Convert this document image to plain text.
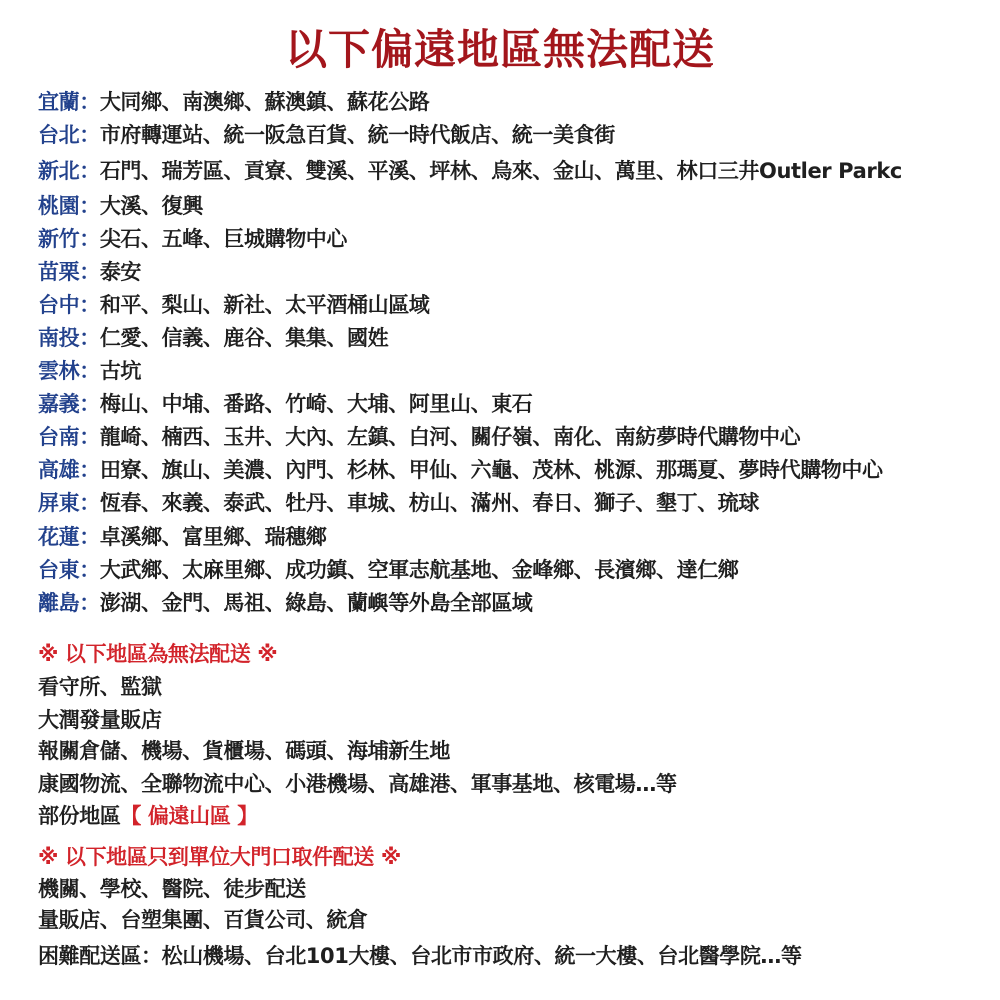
以下偏遠地區無法配送
宜蘭：大同鄉、南澳鄉、蘇澳鎮、蘇花公路
台北：市府轉運站、統一阪急百貨、統一時代飯店、統一美食街
新北：石門、瑞芳區、貢寮、雙溪、平溪、坪林、烏來、金山、萬里、林口三井Outler Parkc
桃園：大溪、復興
新竹：尖石、五峰、巨城購物中心
苗栗：泰安
台中：和平、梨山、新社、太平酒桶山區域
南投：仁愛、信義、鹿谷、集集、國姓
雲林：古坑
嘉義：梅山、中埔、番路、竹崎、大埔、阿里山、東石
台南：龍崎、楠西、玉井、大內、左鎮、白河、關仔嶺、南化、南紡夢時代購物中心
高雄：田寮、旗山、美濃、內門、杉林、甲仙、六龜、茂林、桃源、那瑪夏、夢時代購物中心
屏東：恆春、來義、泰武、牡丹、車城、枋山、滿州、春日、獅子、墾丁、琉球
花蓮：卓溪鄉、富里鄉、瑞穗鄉
台東：大武鄉、太麻里鄉、成功鎮、空軍志航基地、金峰鄉、長濱鄉、達仁鄉
離島：澎湖、金門、馬祖、綠島、蘭嶼等外島全部區域
※ 以下地區為無法配送 ※
看守所、監獄
大潤發量販店
報關倉儲、機場、貨櫃場、碼頭、海埔新生地
康國物流、全聯物流中心、小港機場、高雄港、軍事基地、核電場…等
部份地區【 偏遠山區 】
※ 以下地區只到單位大門口取件配送 ※
機關、學校、醫院、徒步配送
量販店、台塑集團、百貨公司、統倉
困難配送區：松山機場、台北101大樓、台北市市政府、統一大樓、台北醫學院…等
